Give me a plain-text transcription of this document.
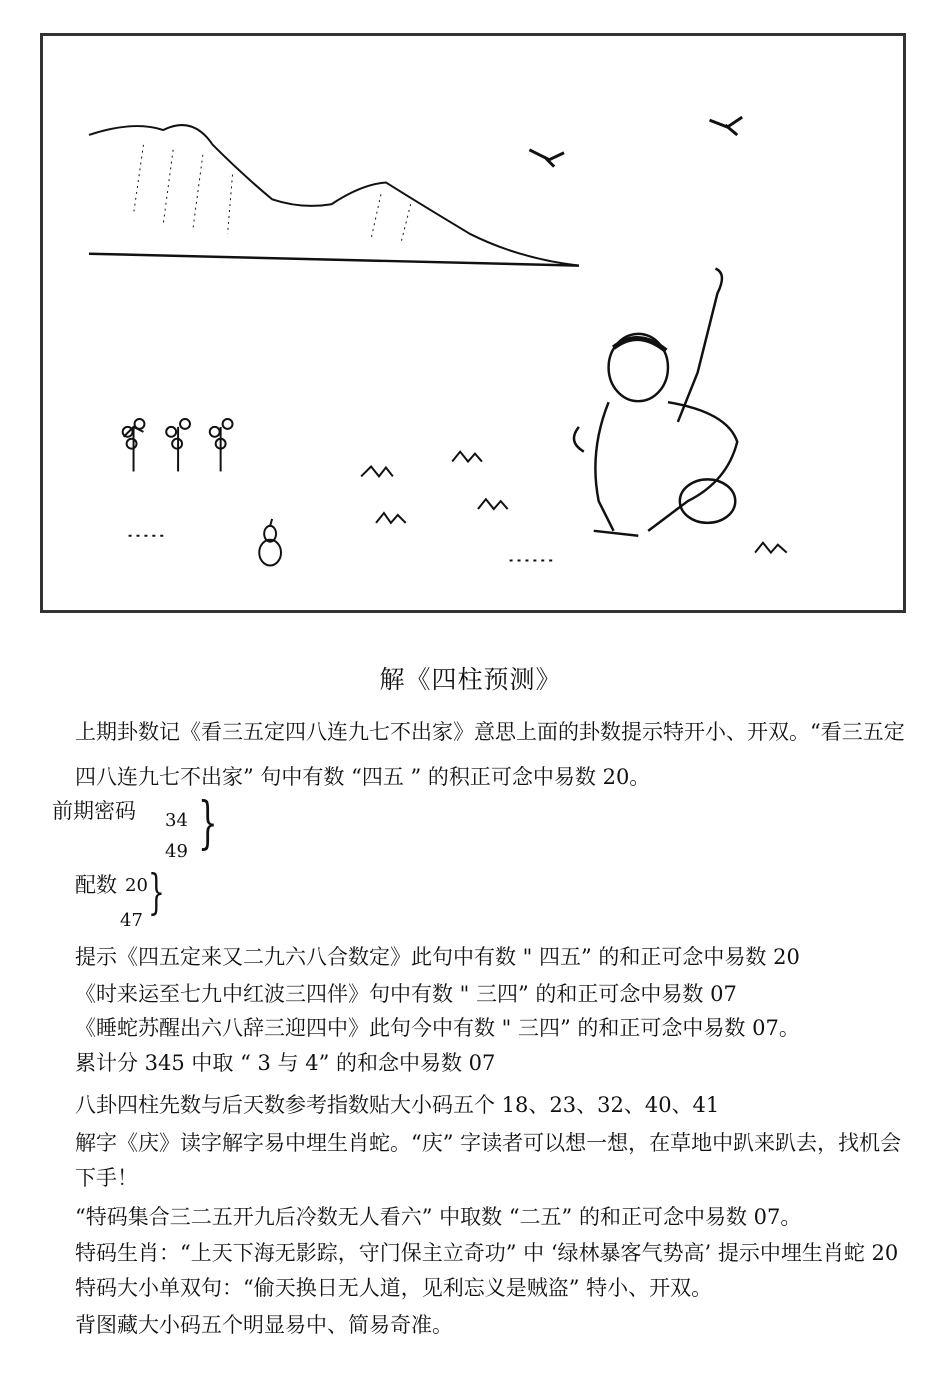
解《四柱预测》
上期卦数记《看三五定四八连九七不出家》意思上面的卦数提示特开小、开双。“看三五定
四八连九七不出家” 句中有数 “四五 ” 的积正可念中易数 20。
前期密码 34
49 }
配数 20
47
}
提示《四五定来又二九六八合数定》此句中有数 " 四五” 的和正可念中易数 20
《时来运至七九中红波三四伴》句中有数 " 三四” 的和正可念中易数 07
《睡蛇苏醒出六八辞三迎四中》此句今中有数 " 三四” 的和正可念中易数 07。
累计分 345 中取 “ 3 与 4” 的和念中易数 07
八卦四柱先数与后天数参考指数贴大小码五个 18、23、32、40、41
解字《庆》读字解字易中埋生肖蛇。“庆” 字读者可以想一想，在草地中趴来趴去，找机会
下手！
“特码集合三二五开九后冷数无人看六” 中取数 “二五” 的和正可念中易数 07。
特码生肖：“上天下海无影踪，守门保主立奇功” 中 ‘绿林暴客气势高’ 提示中埋生肖蛇 20
特码大小单双句：“偷天换日无人道，见利忘义是贼盗” 特小、开双。
背图藏大小码五个明显易中、简易奇准。
